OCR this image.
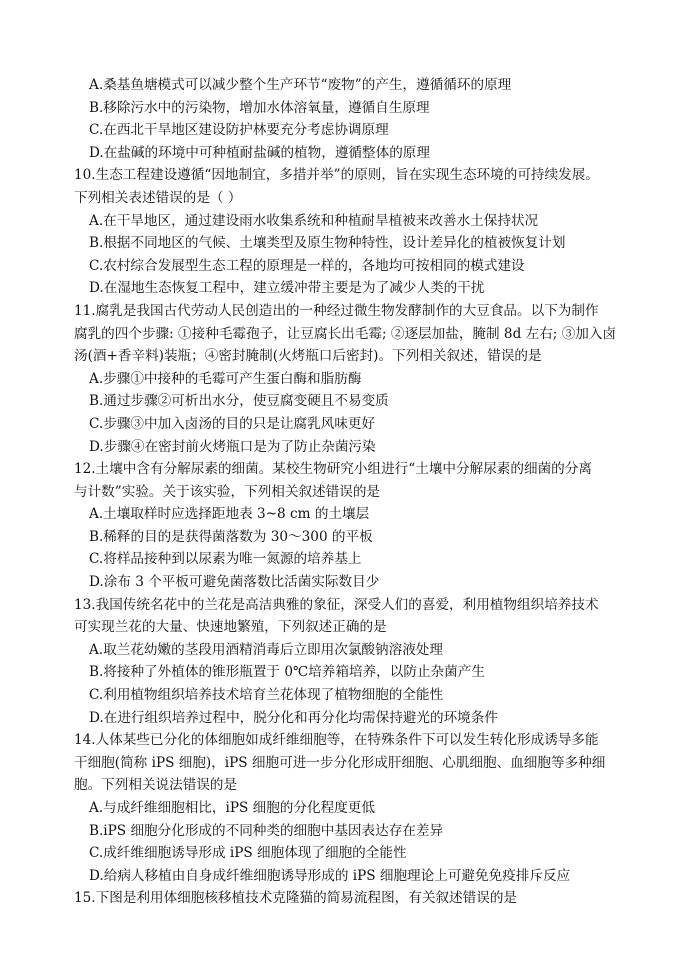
A.桑基鱼塘模式可以减少整个生产环节“废物”的产生，遵循循环的原理
B.移除污水中的污染物，增加水体溶氧量，遵循自生原理
C.在西北干旱地区建设防护林要充分考虑协调原理
D.在盐碱的环境中可种植耐盐碱的植物，遵循整体的原理
10.生态工程建设遵循“因地制宜，多措并举”的原则，旨在实现生态环境的可持续发展。
下列相关表述错误的是（ ）
A.在干旱地区，通过建设雨水收集系统和种植耐旱植被来改善水土保持状况
B.根据不同地区的气候、土壤类型及原生物种特性，设计差异化的植被恢复计划
C.农村综合发展型生态工程的原理是一样的，各地均可按相同的模式建设
D.在湿地生态恢复工程中，建立缓冲带主要是为了减少人类的干扰
11.腐乳是我国古代劳动人民创造出的一种经过微生物发酵制作的大豆食品。以下为制作
腐乳的四个步骤: ①接种毛霉孢子，让豆腐长出毛霉; ②逐层加盐，腌制 8d 左右; ③加入卤
汤(酒+香辛料)装瓶；④密封腌制(火烤瓶口后密封)。下列相关叙述，错误的是
A.步骤①中接种的毛霉可产生蛋白酶和脂肪酶
B.通过步骤②可析出水分，使豆腐变硬且不易变质
C.步骤③中加入卤汤的目的只是让腐乳风味更好
D.步骤④在密封前火烤瓶口是为了防止杂菌污染
12.土壤中含有分解尿素的细菌。某校生物研究小组进行“土壤中分解尿素的细菌的分离
与计数”实验。关于该实验，下列相关叙述错误的是
A.土壤取样时应选择距地表 3~8 cm 的土壤层
B.稀释的目的是获得菌落数为 30～300 的平板
C.将样品接种到以尿素为唯一氮源的培养基上
D.涂布 3 个平板可避免菌落数比活菌实际数目少
13.我国传统名花中的兰花是高洁典雅的象征，深受人们的喜爱，利用植物组织培养技术
可实现兰花的大量、快速地繁殖，下列叙述正确的是
A.取兰花幼嫩的茎段用酒精消毒后立即用次氯酸钠溶液处理
B.将接种了外植体的锥形瓶置于 0℃培养箱培养，以防止杂菌产生
C.利用植物组织培养技术培育兰花体现了植物细胞的全能性
D.在进行组织培养过程中，脱分化和再分化均需保持避光的环境条件
14.人体某些已分化的体细胞如成纤维细胞等，在特殊条件下可以发生转化形成诱导多能
干细胞(简称 iPS 细胞)，iPS 细胞可进一步分化形成肝细胞、心肌细胞、血细胞等多种细
胞。下列相关说法错误的是
A.与成纤维细胞相比，iPS 细胞的分化程度更低
B.iPS 细胞分化形成的不同种类的细胞中基因表达存在差异
C.成纤维细胞诱导形成 iPS 细胞体现了细胞的全能性
D.给病人移植由自身成纤维细胞诱导形成的 iPS 细胞理论上可避免免疫排斥反应
15.下图是利用体细胞核移植技术克隆猫的简易流程图，有关叙述错误的是
